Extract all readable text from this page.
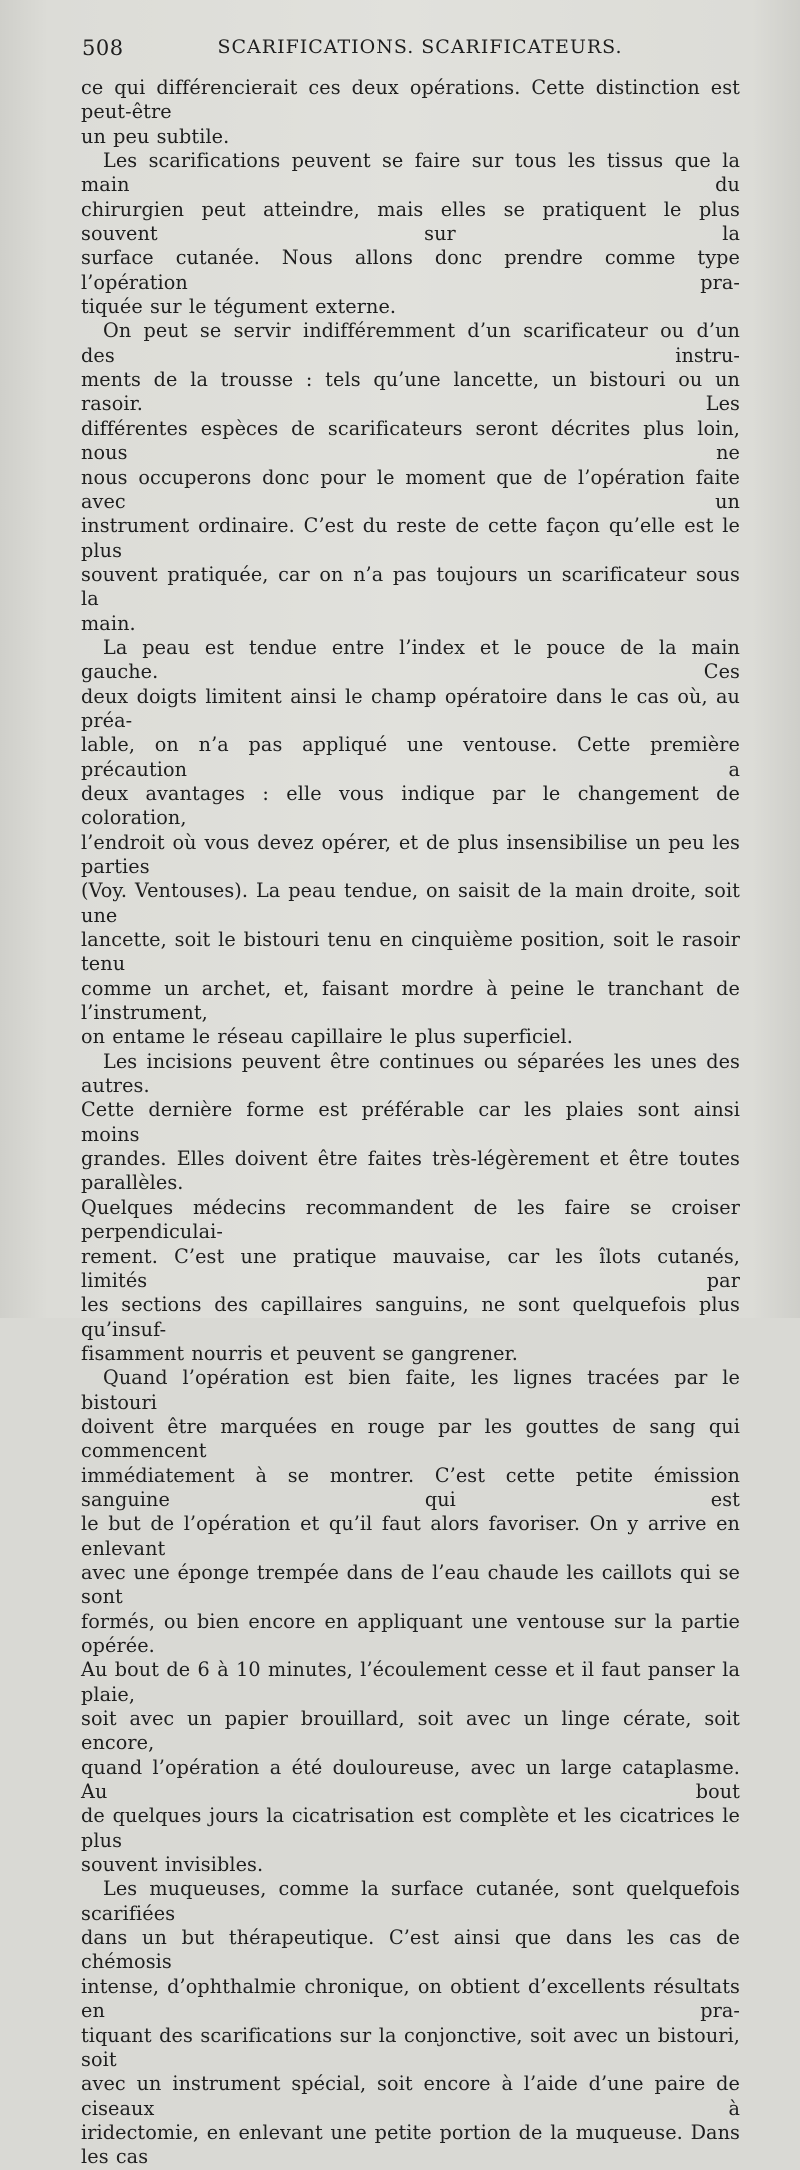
508	SCARIFICATIONS. SCARIFICATEURS.
ce qui différencierait ces deux opérations. Cette distinction est peut-être
un peu subtile.
Les scarifications peuvent se faire sur tous les tissus que la main du
chirurgien peut atteindre, mais elles se pratiquent le plus souvent sur la
surface cutanée. Nous allons donc prendre comme type l’opération pra-
tiquée sur le tégument externe.
On peut se servir indifféremment d’un scarificateur ou d’un des instru-
ments de la trousse : tels qu’une lancette, un bistouri ou un rasoir. Les
différentes espèces de scarificateurs seront décrites plus loin, nous ne
nous occuperons donc pour le moment que de l’opération faite avec un
instrument ordinaire. C’est du reste de cette façon qu’elle est le plus
souvent pratiquée, car on n’a pas toujours un scarificateur sous la
main.
La peau est tendue entre l’index et le pouce de la main gauche. Ces
deux doigts limitent ainsi le champ opératoire dans le cas où, au préa-
lable, on n’a pas appliqué une ventouse. Cette première précaution a
deux avantages : elle vous indique par le changement de coloration,
l’endroit où vous devez opérer, et de plus insensibilise un peu les parties
(Voy. Ventouses). La peau tendue, on saisit de la main droite, soit une
lancette, soit le bistouri tenu en cinquième position, soit le rasoir tenu
comme un archet, et, faisant mordre à peine le tranchant de l’instrument,
on entame le réseau capillaire le plus superficiel.
Les incisions peuvent être continues ou séparées les unes des autres.
Cette dernière forme est préférable car les plaies sont ainsi moins
grandes. Elles doivent être faites très-légèrement et être toutes parallèles.
Quelques médecins recommandent de les faire se croiser perpendiculai-
rement. C’est une pratique mauvaise, car les îlots cutanés, limités par
les sections des capillaires sanguins, ne sont quelquefois plus qu’insuf-
fisamment nourris et peuvent se gangrener.
Quand l’opération est bien faite, les lignes tracées par le bistouri
doivent être marquées en rouge par les gouttes de sang qui commencent
immédiatement à se montrer. C’est cette petite émission sanguine qui est
le but de l’opération et qu’il faut alors favoriser. On y arrive en enlevant
avec une éponge trempée dans de l’eau chaude les caillots qui se sont
formés, ou bien encore en appliquant une ventouse sur la partie opérée.
Au bout de 6 à 10 minutes, l’écoulement cesse et il faut panser la plaie,
soit avec un papier brouillard, soit avec un linge cérate, soit encore,
quand l’opération a été douloureuse, avec un large cataplasme. Au bout
de quelques jours la cicatrisation est complète et les cicatrices le plus
souvent invisibles.
Les muqueuses, comme la surface cutanée, sont quelquefois scarifiées
dans un but thérapeutique. C’est ainsi que dans les cas de chémosis
intense, d’ophthalmie chronique, on obtient d’excellents résultats en pra-
tiquant des scarifications sur la conjonctive, soit avec un bistouri, soit
avec un instrument spécial, soit encore à l’aide d’une paire de ciseaux à
iridectomie, en enlevant une petite portion de la muqueuse. Dans les cas
